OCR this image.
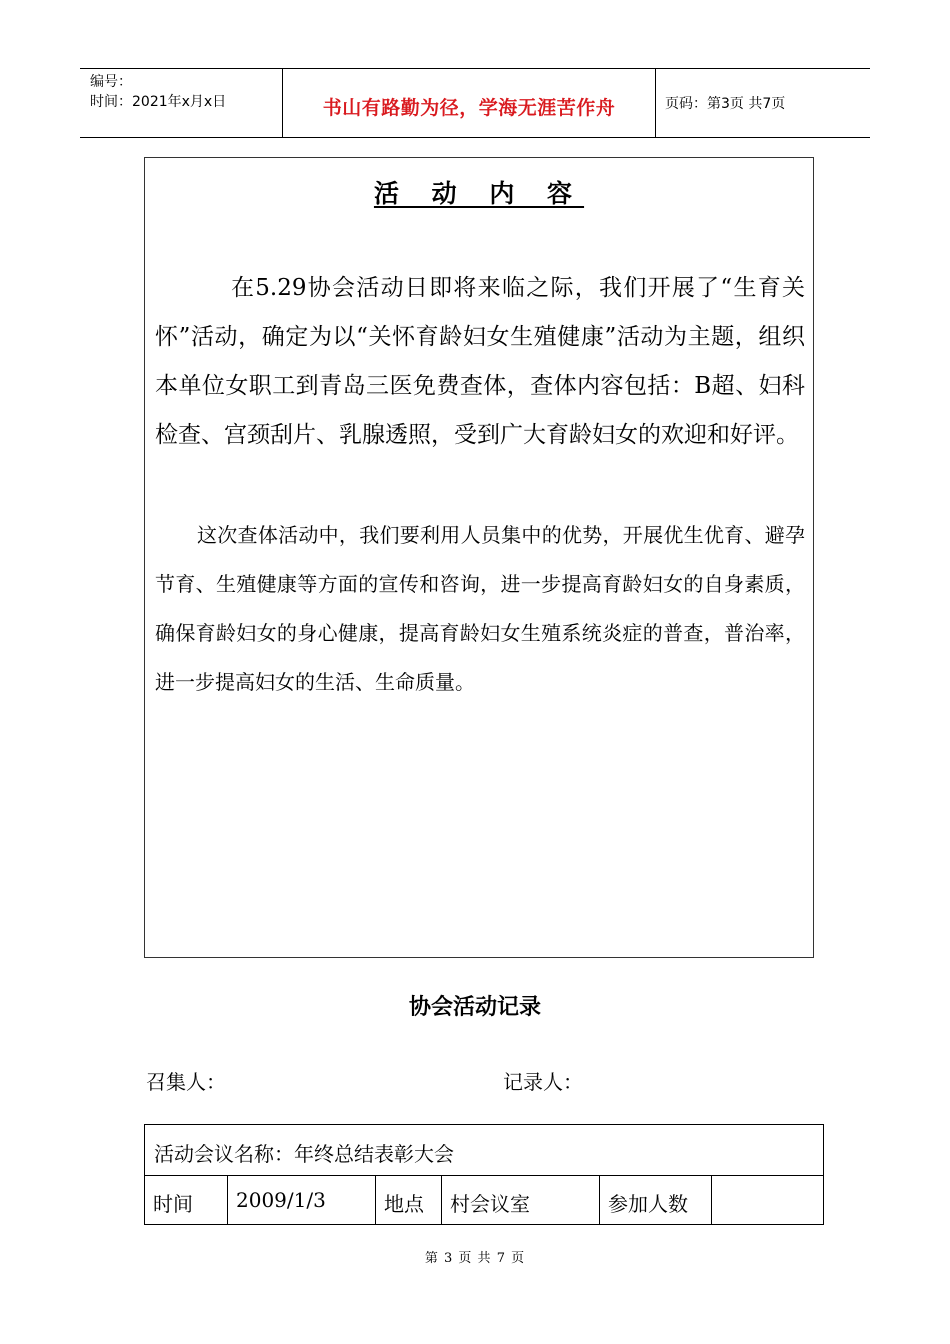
编号：
时间：2021年x月x日	书山有路勤为径，学海无涯苦作舟	页码：第3页 共7页
活 动 内 容

在5.29协会活动日即将来临之际，我们开展了“生育关怀”活动，确定为以“关怀育龄妇女生殖健康”活动为主题，组织本单位女职工到青岛三医免费查体，查体内容包括：B超、妇科检查、宫颈刮片、乳腺透照，受到广大育龄妇女的欢迎和好评。

这次查体活动中，我们要利用人员集中的优势，开展优生优育、避孕节育、生殖健康等方面的宣传和咨询，进一步提高育龄妇女的自身素质，确保育龄妇女的身心健康，提高育龄妇女生殖系统炎症的普查，普治率，进一步提高妇女的生活、生命质量。

协会活动记录
召集人：	记录人：
活动会议名称：年终总结表彰大会
时间 2009/1/3	地点 村会议室	参加人数
第 3 页 共 7 页
